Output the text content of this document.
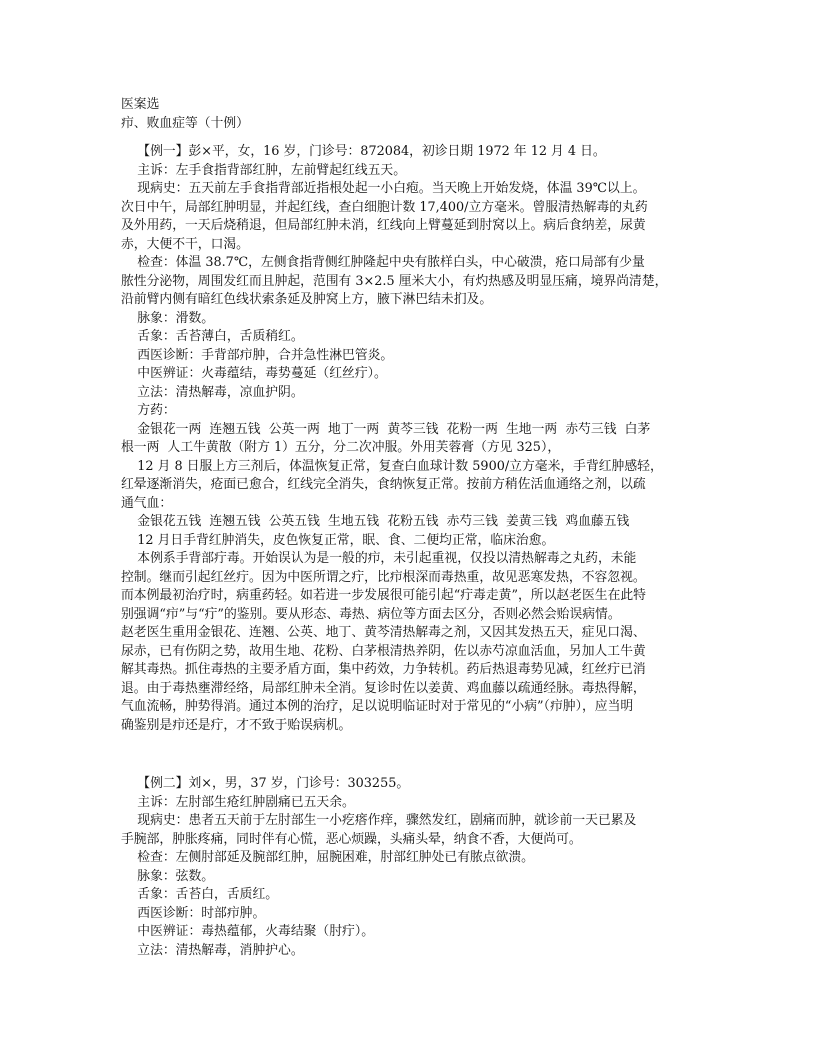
医案选

疖、败血症等（十例）

【例一】彭×平，女，16 岁，门诊号：872084，初诊日期 1972 年 12 月 4 日。

主诉：左手食指背部红肿，左前臂起红线五天。

现病史：五天前左手食指背部近指根处起一小白疱。当天晚上开始发烧，体温 39℃以上。

次日中午，局部红肿明显，并起红线，查白细胞计数 17,400/立方毫米。曾服清热解毒的丸药

及外用药，一天后烧稍退，但局部红肿未消，红线向上臂蔓延到肘窝以上。病后食纳差，尿黄

赤，大便不干，口渴。

检查：体温 38.7℃，左侧食指背侧红肿隆起中央有脓样白头，中心破溃，疮口局部有少量

脓性分泌物，周围发红而且肿起，范围有 3×2.5 厘米大小，有灼热感及明显压痛，境界尚清楚，

沿前臂内侧有暗红色线状索条延及肿窝上方，腋下淋巴结未扪及。

脉象：滑数。

舌象：舌苔薄白，舌质稍红。

西医诊断：手背部疖肿，合并急性淋巴管炎。

中医辨证：火毒蕴结，毒势蔓延（红丝疔）。

立法：清热解毒，凉血护阴。

方药：

金银花一两  连翘五钱  公英一两  地丁一两  黄芩三钱  花粉一两  生地一两  赤芍三钱  白茅

根一两  人工牛黄散（附方 1）五分，分二次冲服。外用芙蓉膏（方见 325），

12 月 8 日服上方三剂后，体温恢复正常，复查白血球计数 5900/立方毫米，手背红肿感轻，

红晕逐渐消失，疮面已愈合，红线完全消失，食纳恢复正常。按前方稍佐活血通络之剂，以疏

通气血：

金银花五钱  连翘五钱  公英五钱  生地五钱  花粉五钱  赤芍三钱  姜黄三钱  鸡血藤五钱

12 月日手背红肿消失，皮色恢复正常，眠、食、二便均正常，临床治愈。

本例系手背部疔毒。开始误认为是一般的疖，未引起重视，仅投以清热解毒之丸药，未能

控制。继而引起红丝疔。因为中医所谓之疔，比疖根深而毒热重，故见恶寒发热，不容忽视。

而本例最初治疗时，病重药轻。如若进一步发展很可能引起“疔毒走黄”，所以赵老医生在此特

别强调“疖”与“疔”的鉴别。要从形态、毒热、病位等方面去区分，否则必然会贻误病情。

赵老医生重用金银花、连翘、公英、地丁、黄芩清热解毒之剂，又因其发热五天，症见口渴、

尿赤，已有伤阴之势，故用生地、花粉、白茅根清热养阴，佐以赤芍凉血活血，另加人工牛黄

解其毒热。抓住毒热的主要矛盾方面，集中药效，力争转机。药后热退毒势见减，红丝疔已消

退。由于毒热壅滞经络，局部红肿未全消。复诊时佐以姜黄、鸡血藤以疏通经脉。毒热得解，

气血流畅，肿势得消。通过本例的治疗，足以说明临证时对于常见的“小病”（疖肿），应当明

确鉴别是疖还是疔，才不致于贻误病机。

【例二】刘×，男，37 岁，门诊号：303255。

主诉：左肘部生疮红肿剧痛已五天余。

现病史：患者五天前于左肘部生一小疙瘩作痒，骤然发红，剧痛而肿，就诊前一天已累及

手腕部，肿胀疼痛，同时伴有心慌，恶心烦躁，头痛头晕，纳食不香，大便尚可。

检查：左侧肘部延及腕部红肿，屈腕困难，肘部红肿处已有脓点欲溃。

脉象：弦数。

舌象：舌苔白，舌质红。

西医诊断：时部疖肿。

中医辨证：毒热蕴郁，火毒结聚（肘疔）。

立法：清热解毒，消肿护心。
